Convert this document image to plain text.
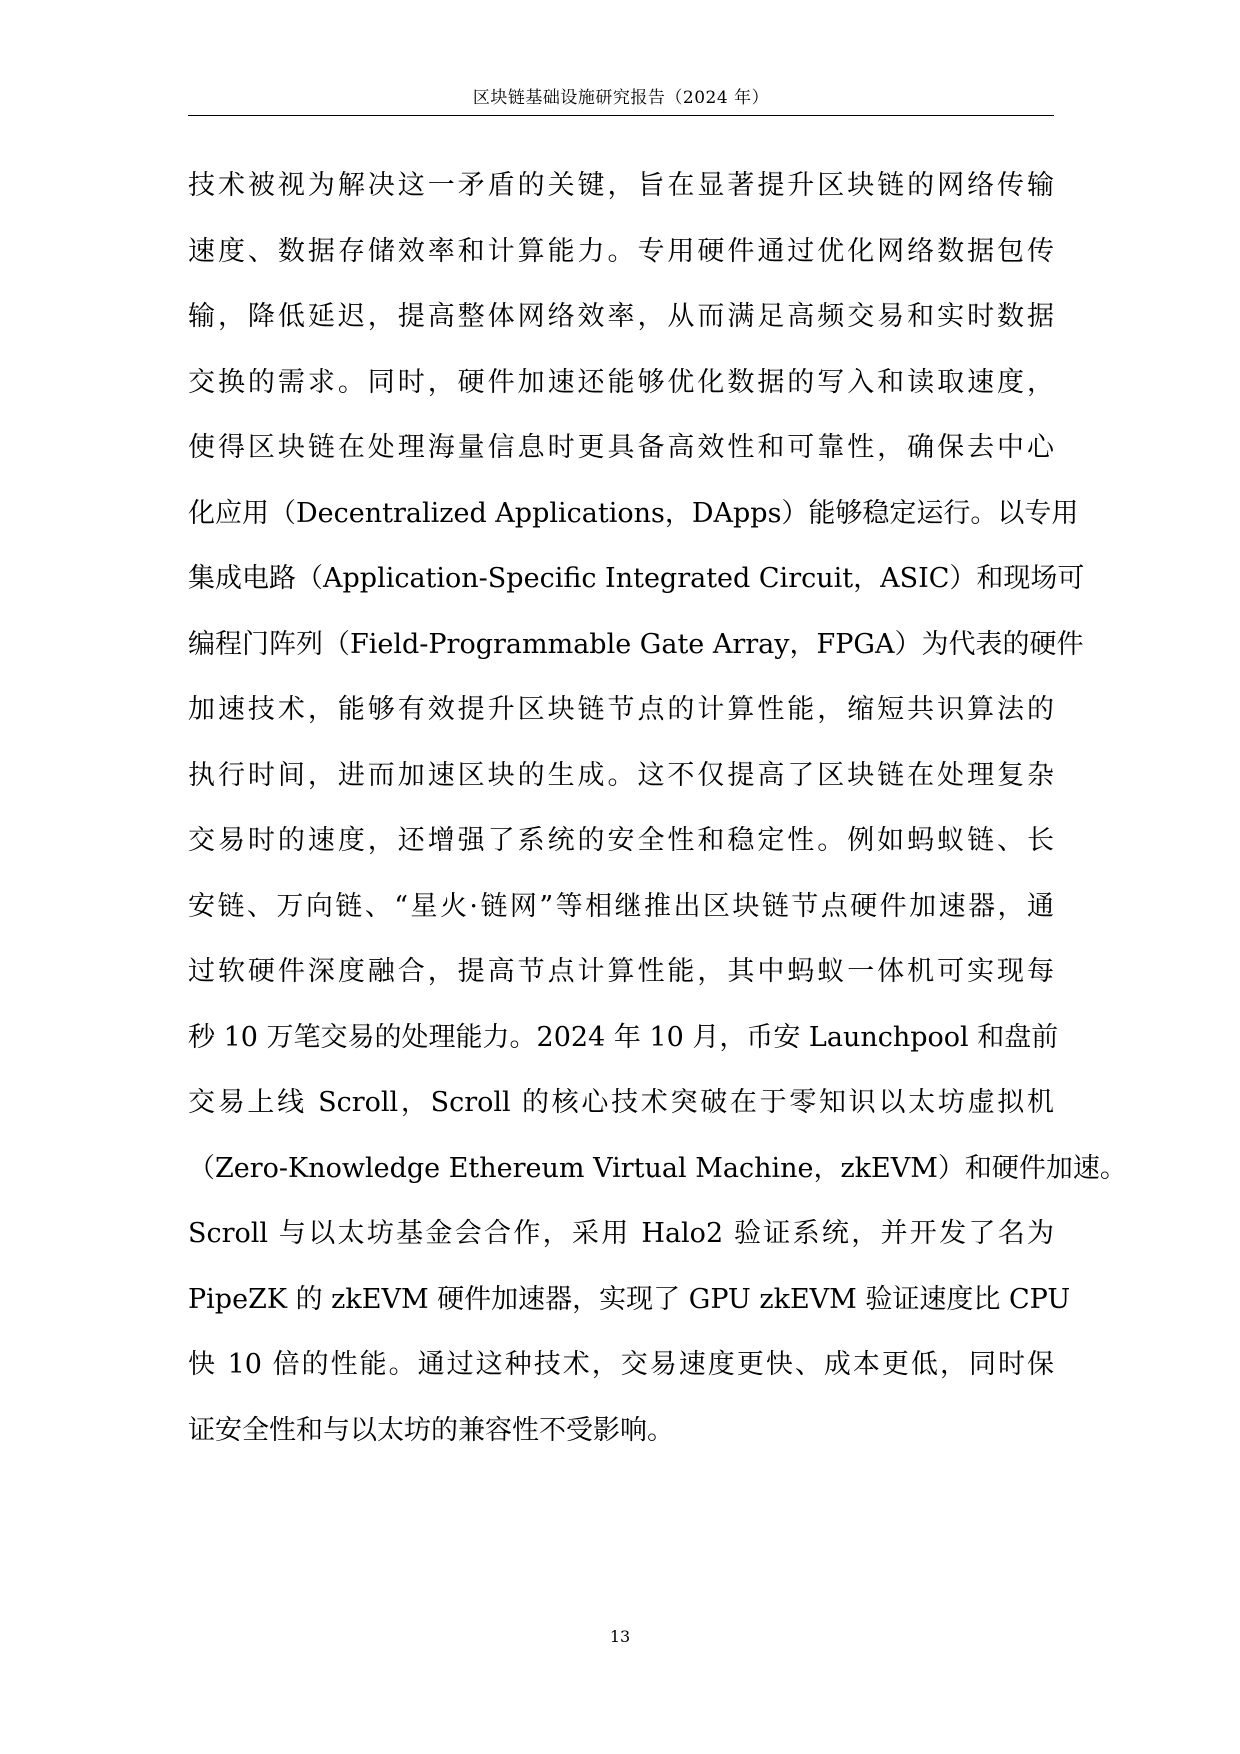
区块链基础设施研究报告（2024 年）
技术被视为解决这一矛盾的关键，旨在显著提升区块链的网络传输
速度、数据存储效率和计算能力。专用硬件通过优化网络数据包传
输，降低延迟，提高整体网络效率，从而满足高频交易和实时数据
交换的需求。同时，硬件加速还能够优化数据的写入和读取速度，
使得区块链在处理海量信息时更具备高效性和可靠性，确保去中心
化应用（Decentralized Applications，DApps）能够稳定运行。以专用
集成电路（Application-Specific Integrated Circuit，ASIC）和现场可
编程门阵列（Field-Programmable Gate Array，FPGA）为代表的硬件
加速技术，能够有效提升区块链节点的计算性能，缩短共识算法的
执行时间，进而加速区块的生成。这不仅提高了区块链在处理复杂
交易时的速度，还增强了系统的安全性和稳定性。例如蚂蚁链、长
安链、万向链、“星火·链网”等相继推出区块链节点硬件加速器，通
过软硬件深度融合，提高节点计算性能，其中蚂蚁一体机可实现每
秒 10 万笔交易的处理能力。2024 年 10 月，币安 Launchpool 和盘前
交易上线 Scroll，Scroll 的核心技术突破在于零知识以太坊虚拟机
（Zero-Knowledge Ethereum Virtual Machine，zkEVM）和硬件加速。
Scroll 与以太坊基金会合作，采用 Halo2 验证系统，并开发了名为
PipeZK 的 zkEVM 硬件加速器，实现了 GPU zkEVM 验证速度比 CPU
快 10 倍的性能。通过这种技术，交易速度更快、成本更低，同时保
证安全性和与以太坊的兼容性不受影响。
13
